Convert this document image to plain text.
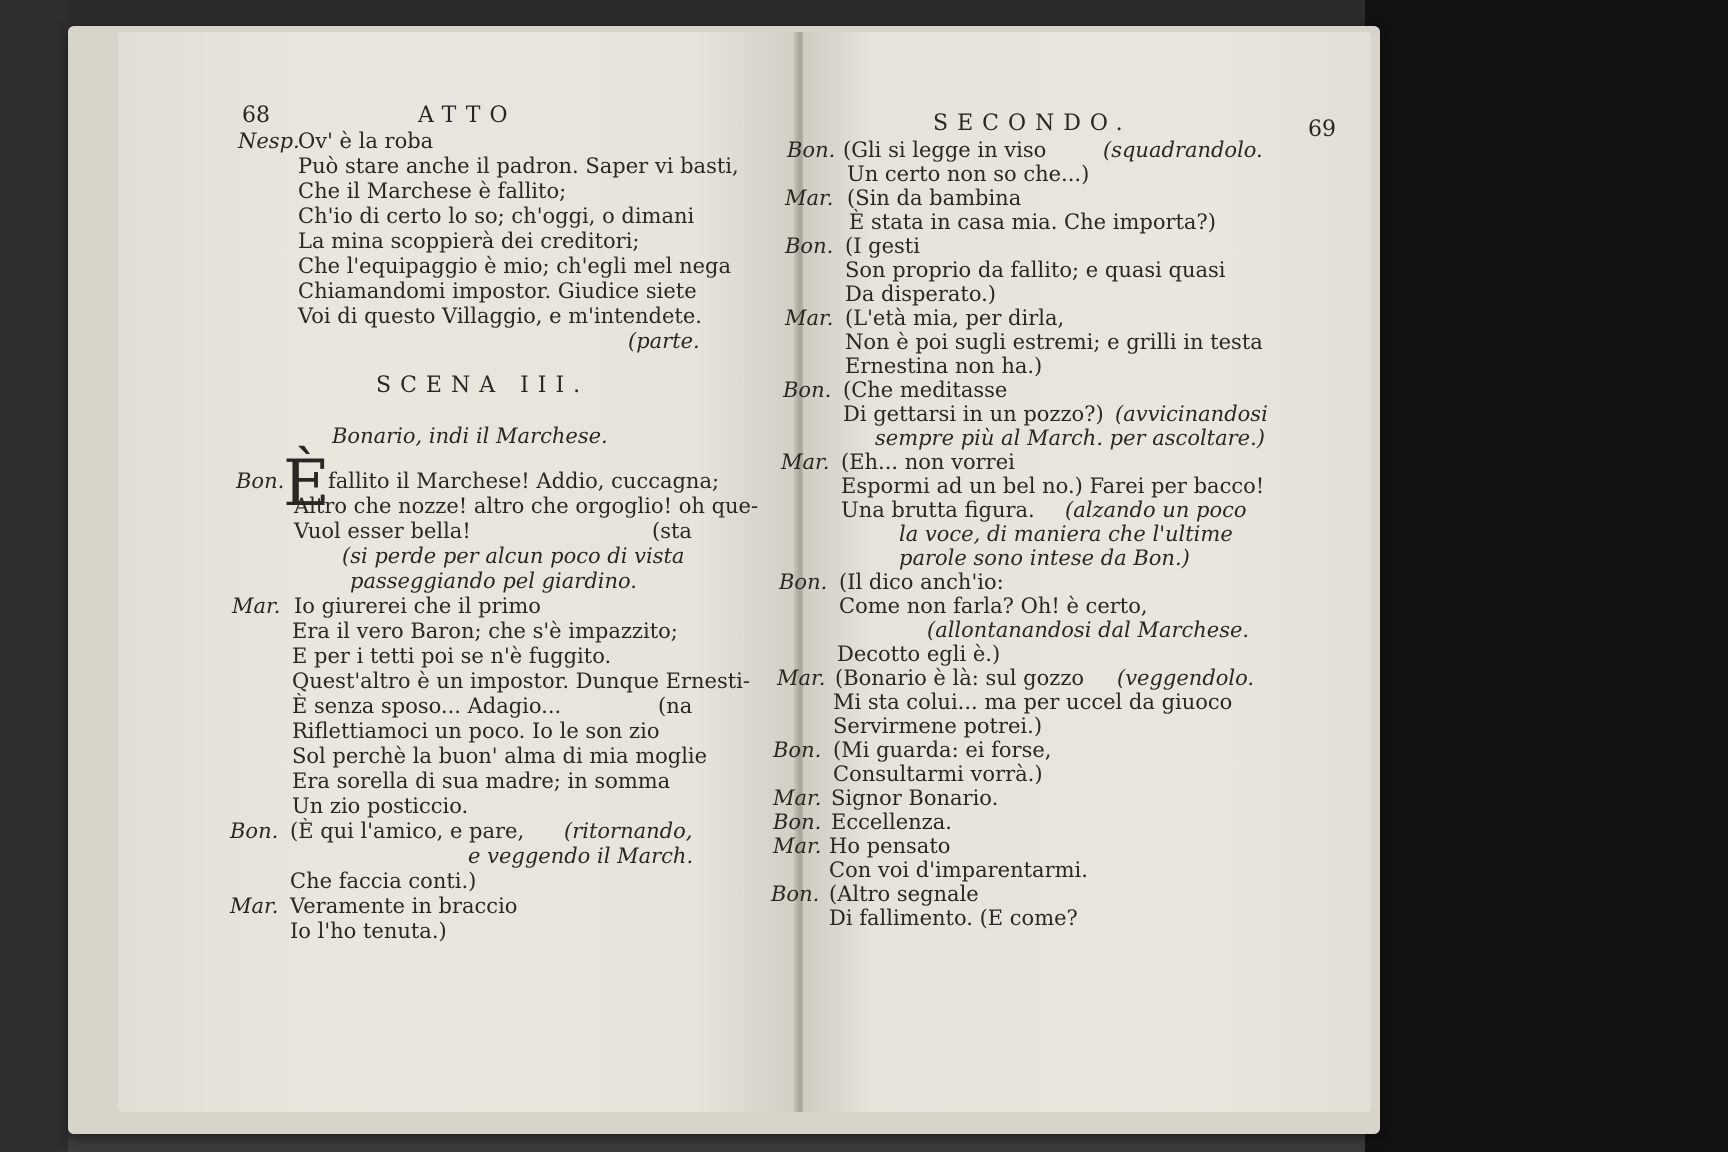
68	ATTO
Nesp.
Ov' è la roba
Può stare anche il padron. Saper vi basti,
Che il Marchese è fallito;
Ch'io di certo lo so; ch'oggi, o dimani
La mina scoppierà dei creditori;
Che l'equipaggio è mio; ch'egli mel nega
Chiamandomi impostor. Giudice siete
Voi di questo Villaggio, e m'intendete.
(parte.
SCENA III.
Bonario, indi il Marchese.
Bon.
È
fallito il Marchese! Addio, cuccagna;
Altro che nozze! altro che orgoglio! oh que-
Vuol esser bella!	(sta
(si perde per alcun poco di vista
passeggiando pel giardino.
Mar. Io giurerei che il primo
Era il vero Baron; che s'è impazzito;
E per i tetti poi se n'è fuggito.
Quest'altro è un impostor. Dunque Ernesti-
È senza sposo... Adagio...	(na
Riflettiamoci un poco. Io le son zio
Sol perchè la buon' alma di mia moglie
Era sorella di sua madre; in somma
Un zio posticcio.
Bon. (È qui l'amico, e pare, (ritornando,
e veggendo il March.
Che faccia conti.)
Mar. Veramente in braccio
Io l'ho tenuta.)
SECONDO.	69
Bon. (Gli si legge in viso	(squadrandolo.
Un certo non so che...)
Mar. (Sin da bambina
È stata in casa mia. Che importa?)
Bon. (I gesti
Son proprio da fallito; e quasi quasi
Da disperato.)
Mar. (L'età mia, per dirla,
Non è poi sugli estremi; e grilli in testa
Ernestina non ha.)
Bon. (Che meditasse
Di gettarsi in un pozzo?) (avvicinandosi
sempre più al March. per ascoltare.)
Mar. (Eh... non vorrei
Espormi ad un bel no.) Farei per bacco!
Una brutta figura. (alzando un poco
la voce, di maniera che l'ultime
parole sono intese da Bon.)
Bon. (Il dico anch'io:
Come non farla? Oh! è certo,
(allontanandosi dal Marchese.
Decotto egli è.)
Mar. (Bonario è là: sul gozzo (veggendolo.
Mi sta colui... ma per uccel da giuoco
Servirmene potrei.)
Bon. (Mi guarda: ei forse,
Consultarmi vorrà.)
Mar. Signor Bonario.
Bon. Eccellenza.
Mar. Ho pensato
Con voi d'imparentarmi.
Bon. (Altro segnale
Di fallimento. (E come?
